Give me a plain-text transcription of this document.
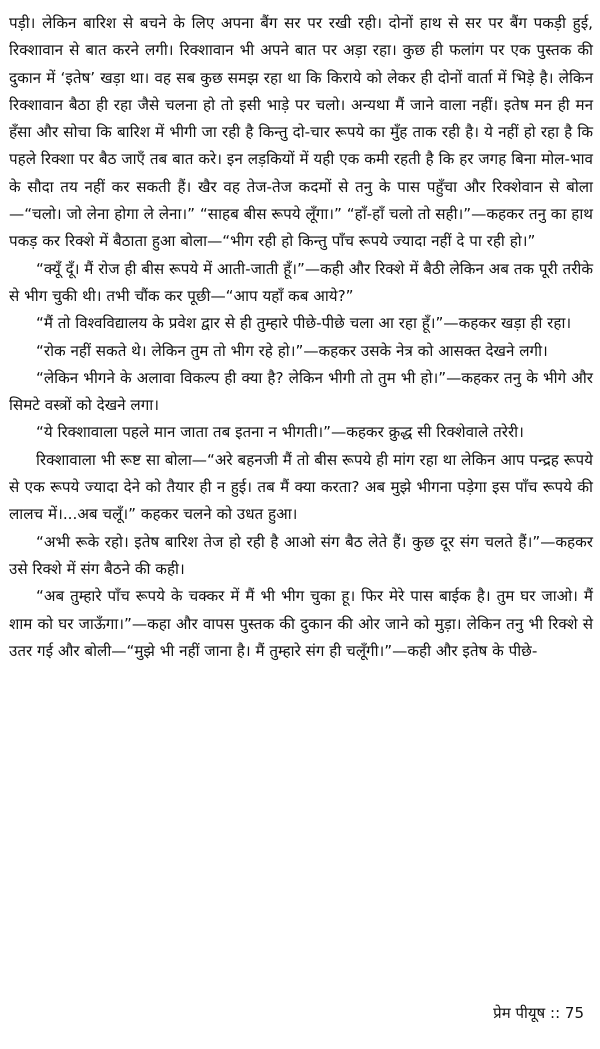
पड़ी। लेकिन बारिश से बचने के लिए अपना बैंग सर पर रखी रही। दोनों हाथ से सर पर बैंग पकड़ी हुई, रिक्शावान से बात करने लगी। रिक्शावान भी अपने बात पर अड़ा रहा। कुछ ही फलांग पर एक पुस्तक की दुकान में ‘इतेष’ खड़ा था। वह सब कुछ समझ रहा था कि किराये को लेकर ही दोनों वार्ता में भिड़े है। लेकिन रिक्शावान बैठा ही रहा जैसे चलना हो तो इसी भाड़े पर चलो। अन्यथा मैं जाने वाला नहीं। इतेष मन ही मन हँसा और सोचा कि बारिश में भीगी जा रही है किन्तु दो-चार रूपये का मुँह ताक रही है। ये नहीं हो रहा है कि पहले रिक्शा पर बैठ जाएँ तब बात करे। इन लड़कियों में यही एक कमी रहती है कि हर जगह बिना मोल-भाव के सौदा तय नहीं कर सकती हैं। खैर वह तेज-तेज कदमों से तनु के पास पहुँचा और रिक्शेवान से बोला—“चलो। जो लेना होगा ले लेना।” “साहब बीस रूपये लूँगा।” “हाँ-हाँ चलो तो सही।”—कहकर तनु का हाथ पकड़ कर रिक्शे में बैठाता हुआ बोला—“भीग रही हो किन्तु पाँच रूपये ज्यादा नहीं दे पा रही हो।”

“क्यूँ दूँ। मैं रोज ही बीस रूपये में आती-जाती हूँ।”—कही और रिक्शे में बैठी लेकिन अब तक पूरी तरीके से भीग चुकी थी। तभी चौंक कर पूछी—“आप यहाँ कब आये?”

“मैं तो विश्वविद्यालय के प्रवेश द्वार से ही तुम्हारे पीछे-पीछे चला आ रहा हूँ।”—कहकर खड़ा ही रहा।

“रोक नहीं सकते थे। लेकिन तुम तो भीग रहे हो।”—कहकर उसके नेत्र को आसक्त देखने लगी।

“लेकिन भीगने के अलावा विकल्प ही क्या है? लेकिन भीगी तो तुम भी हो।”—कहकर तनु के भीगे और सिमटे वस्त्रों को देखने लगा।

“ये रिक्शावाला पहले मान जाता तब इतना न भीगती।”—कहकर क्रुद्ध सी रिक्शेवाले तरेरी।

रिक्शावाला भी रूष्ट सा बोला—“अरे बहनजी मैं तो बीस रूपये ही मांग रहा था लेकिन आप पन्द्रह रूपये से एक रूपये ज्यादा देने को तैयार ही न हुई। तब मैं क्या करता? अब मुझे भीगना पड़ेगा इस पाँच रूपये की लालच में।...अब चलूँ।” कहकर चलने को उधत हुआ।

“अभी रूके रहो। इतेष बारिश तेज हो रही है आओ संग बैठ लेते हैं। कुछ दूर संग चलते हैं।”—कहकर उसे रिक्शे में संग बैठने की कही।

“अब तुम्हारे पाँच रूपये के चक्कर में मैं भी भीग चुका हू। फिर मेरे पास बाईक है। तुम घर जाओ। मैं शाम को घर जाऊँगा।”—कहा और वापस पुस्तक की दुकान की ओर जाने को मुड़ा। लेकिन तनु भी रिक्शे से उतर गई और बोली—“मुझे भी नहीं जाना है। मैं तुम्हारे संग ही चलूँगी।”—कही और इतेष के पीछे-

प्रेम पीयूष :: 75
